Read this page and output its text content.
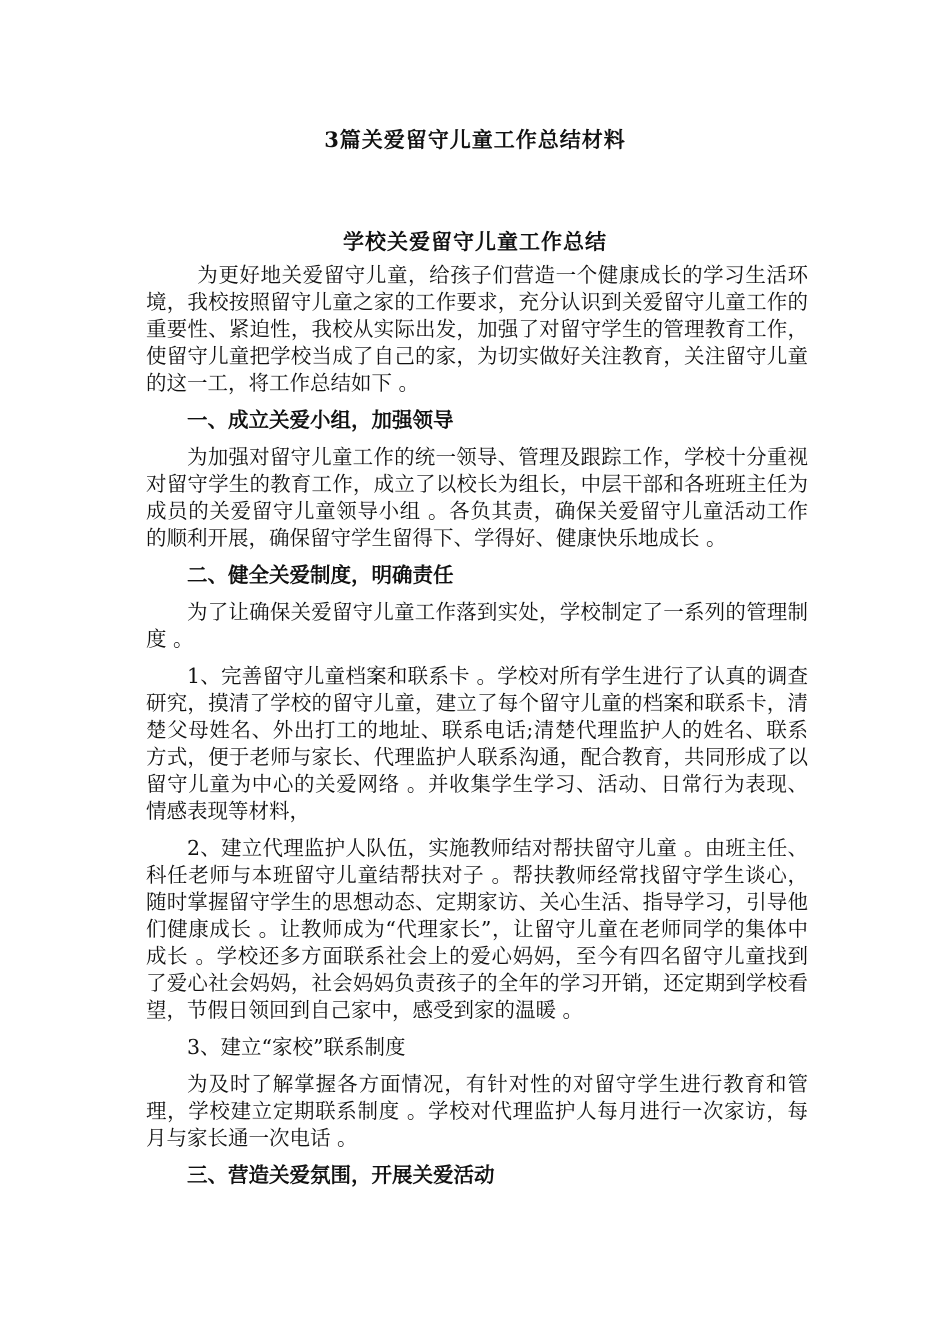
3篇关爱留守儿童工作总结材料
学校关爱留守儿童工作总结

为更好地关爱留守儿童，给孩子们营造一个健康成长的学习生活环境，我校按照留守儿童之家的工作要求，充分认识到关爱留守儿童工作的重要性、紧迫性，我校从实际出发，加强了对留守学生的管理教育工作，使留守儿童把学校当成了自己的家，为切实做好关注教育，关注留守儿童的这一工，将工作总结如下 。

一、成立关爱小组，加强领导

为加强对留守儿童工作的统一领导、管理及跟踪工作，学校十分重视对留守学生的教育工作，成立了以校长为组长，中层干部和各班班主任为成员的关爱留守儿童领导小组 。各负其责，确保关爱留守儿童活动工作的顺利开展，确保留守学生留得下、学得好、健康快乐地成长 。

二、健全关爱制度，明确责任

为了让确保关爱留守儿童工作落到实处，学校制定了一系列的管理制度 。

1、完善留守儿童档案和联系卡 。学校对所有学生进行了认真的调查研究，摸清了学校的留守儿童，建立了每个留守儿童的档案和联系卡，清楚父母姓名、外出打工的地址、联系电话;清楚代理监护人的姓名、联系方式，便于老师与家长、代理监护人联系沟通，配合教育，共同形成了以留守儿童为中心的关爱网络 。并收集学生学习、活动、日常行为表现、情感表现等材料，

2、建立代理监护人队伍，实施教师结对帮扶留守儿童 。由班主任、科任老师与本班留守儿童结帮扶对子 。帮扶教师经常找留守学生谈心，随时掌握留守学生的思想动态、定期家访、关心生活、指导学习，引导他们健康成长 。让教师成为“代理家长”，让留守儿童在老师同学的集体中成长 。学校还多方面联系社会上的爱心妈妈，至今有四名留守儿童找到了爱心社会妈妈，社会妈妈负责孩子的全年的学习开销，还定期到学校看望，节假日领回到自己家中，感受到家的温暖 。

3、建立“家校”联系制度

为及时了解掌握各方面情况，有针对性的对留守学生进行教育和管理，学校建立定期联系制度 。学校对代理监护人每月进行一次家访，每月与家长通一次电话 。

三、营造关爱氛围，开展关爱活动
